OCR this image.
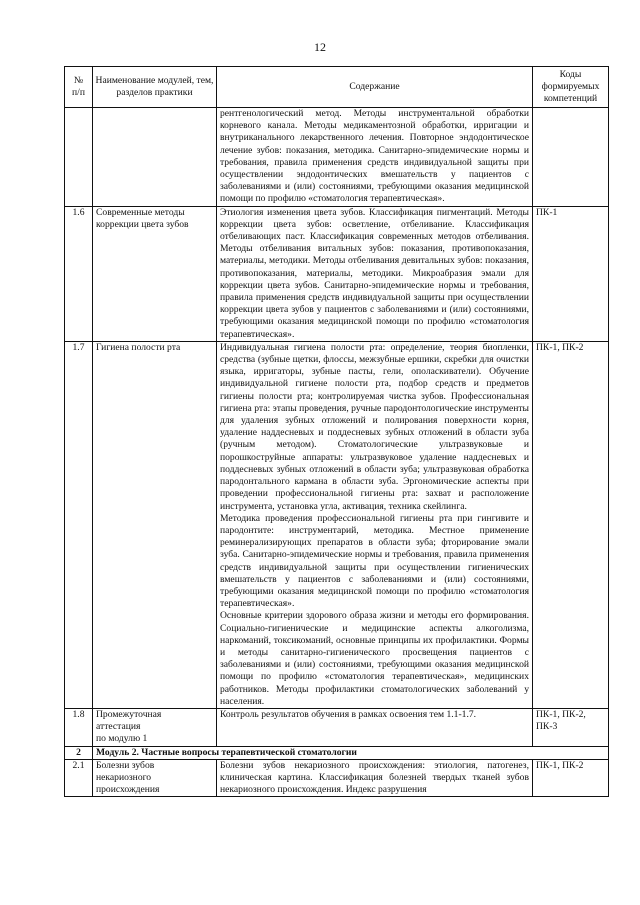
12
№
п/п	Наименование модулей, тем, разделов практики	Содержание	Коды формируемых компетенций
		рентгенологический метод. Методы инструментальной обработки корневого канала. Методы медикаментозной обработки, ирригации и внутриканального лекарственного лечения. Повторное эндодонтическое лечение зубов: показания, методика. Санитарно-эпидемические нормы и требования, правила применения средств индивидуальной защиты при осуществлении эндодонтических вмешательств у пациентов с заболеваниями и (или) состояниями, требующими оказания медицинской помощи по профилю «стоматология терапевтическая».	
1.6	Современные методы коррекции цвета зубов	Этиология изменения цвета зубов. Классификация пигментаций. Методы коррекции цвета зубов: осветление, отбеливание. Классификация отбеливающих паст. Классификация современных методов отбеливания. Методы отбеливания витальных зубов: показания, противопоказания, материалы, методики. Методы отбеливания девитальных зубов: показания, противопоказания, материалы, методики. Микроабразия эмали для коррекции цвета зубов. Санитарно-эпидемические нормы и требования, правила применения средств индивидуальной защиты при осуществлении коррекции цвета зубов у пациентов с заболеваниями и (или) состояниями, требующими оказания медицинской помощи по профилю «стоматология терапевтическая».	ПК-1
1.7	Гигиена полости рта	Индивидуальная гигиена полости рта: определение, теория биопленки, средства (зубные щетки, флоссы, межзубные ершики, скребки для очистки языка, ирригаторы, зубные пасты, гели, ополаскиватели). Обучение индивидуальной гигиене полости рта, подбор средств и предметов гигиены полости рта; контролируемая чистка зубов. Профессиональная гигиена рта: этапы проведения, ручные пародонтологические инструменты для удаления зубных отложений и полирования поверхности корня, удаление наддесневых и поддесневых зубных отложений в области зуба (ручным методом). Стоматологические ультразвуковые и порошкоструйные аппараты: ультразвуковое удаление наддесневых и поддесневых зубных отложений в области зуба; ультразвуковая обработка пародонтального кармана в области зуба. Эргономические аспекты при проведении профессиональной гигиены рта: захват и расположение инструмента, установка угла, активация, техника скейлинга.

Методика проведения профессиональной гигиены рта при гингивите и пародонтите: инструментарий, методика. Местное применение реминерализирующих препаратов в области зуба; фторирование эмали зуба. Санитарно-эпидемические нормы и требования, правила применения средств индивидуальной защиты при осуществлении гигиенических вмешательств у пациентов с заболеваниями и (или) состояниями, требующими оказания медицинской помощи по профилю «стоматология терапевтическая».

Основные критерии здорового образа жизни и методы его формирования. Социально-гигиенические и медицинские аспекты алкоголизма, наркоманий, токсикоманий, основные принципы их профилактики. Формы и методы санитарно-гигиенического просвещения пациентов с заболеваниями и (или) состояниями, требующими оказания медицинской помощи по профилю «стоматология терапевтическая», медицинских работников. Методы профилактики стоматологических заболеваний у населения.	ПК-1, ПК-2
1.8	Промежуточная
аттестация
по модулю 1	Контроль результатов обучения в рамках освоения тем 1.1-1.7.	ПК-1, ПК-2, ПК-3
2	Модуль 2. Частные вопросы терапевтической стоматологии		
2.1	Болезни зубов
некариозного
происхождения	Болезни зубов некариозного происхождения: этиология, патогенез, клиническая картина. Классификация болезней твердых тканей зубов некариозного происхождения. Индекс разрушения	ПК-1, ПК-2
